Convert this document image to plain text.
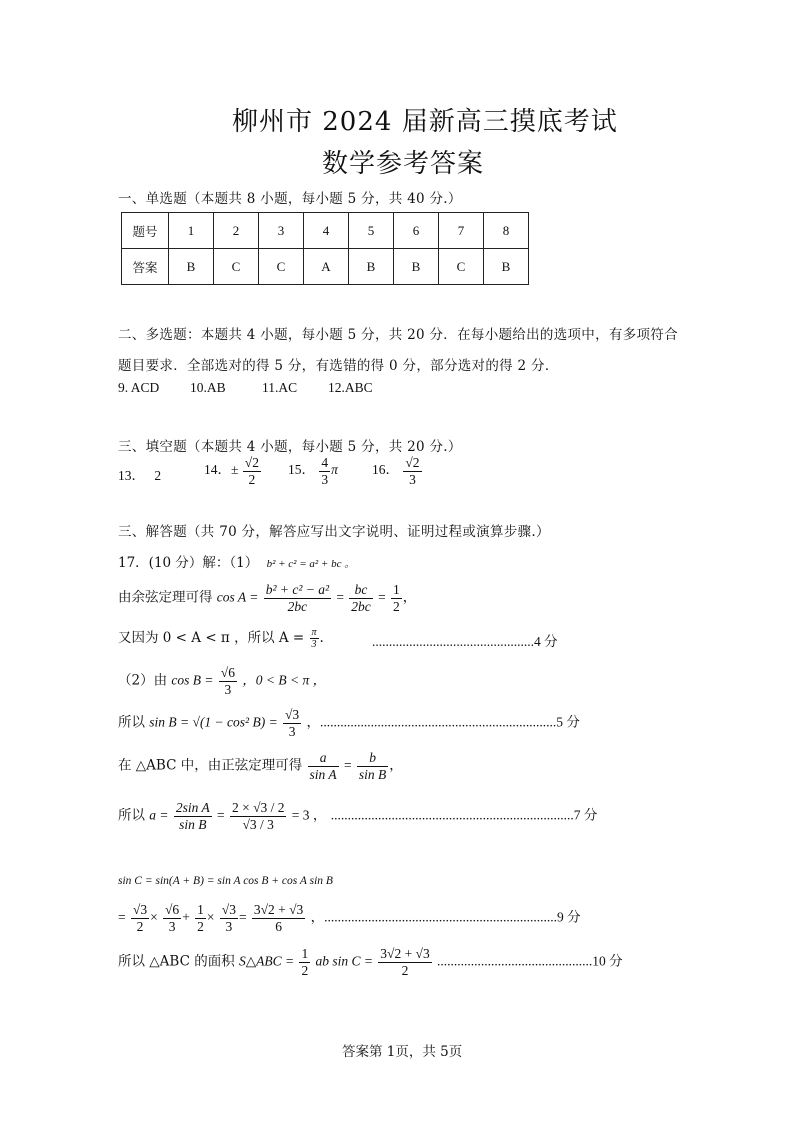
柳州市 2024 届新高三摸底考试
数学参考答案
一、单选题（本题共 8 小题，每小题 5 分，共 40 分.）
题号	1	2	3	4	5	6	7	8
答案	B	C	C	A	B	B	C	B
二、多选题：本题共 4 小题，每小题 5 分，共 20 分．在每小题给出的选项中，有多项符合
题目要求．全部选对的得 5 分，有选错的得 0 分，部分选对的得 2 分．
9. ACD 10.AB	11.AC 12.ABC
三、填空题（本题共 4 小题，每小题 5 分，共 20 分.）
13． 2	14．± $\frac{√2}{2} 15$． $\frac{4}{3}$ π	16． $\frac{√2}{3}$
三、解答题（共 70 分，解答应写出文字说明、证明过程或演算步骤.）
17．(10 分）解：（1） b² + c² = a² + bc 。
由余弦定理可得 $\cos A = \frac{\text{b² + c² − a²}}{2bc} = \frac{bc}{2bc} = \frac{1}{2}$ ，
又因为 0 < A < π ，所以 $A = \frac{\pi}{3}$ .	................................................4 分
（2）由 $\cos B = \frac{√6}{3}$ ，0 < B < π ，
所以 sin B = √(1 − cos² $B) = \frac{√3}{3}$ ，......................................................................5 分
在 △ABC 中，由正弦定理可得 $\frac{a}{\text{sin A}} = \frac{b}{\text{sin B}}$ ，
所以 $a = \frac{\text{2sin A}}{\text{sin B}} = \frac{2 \times √3 / 2}{√3 / 3} = 3$ ， ........................................................................7 分
sin C = sin(A + B) = sin A cos B + cos A sin B
= $\frac{√3}{2} \times \frac{√6}{3} + \frac{1}{2} \times \frac{√3}{3} = \frac{3√2 + √3}{6}$ ，.....................................................................9 分
所以 △ABC 的面积 S△ABC = $\frac{1}{2}$ ab $\sin C = \frac{3√2 + √3}{2} ..............................................10$ 分
答案第 1页，共 5页
